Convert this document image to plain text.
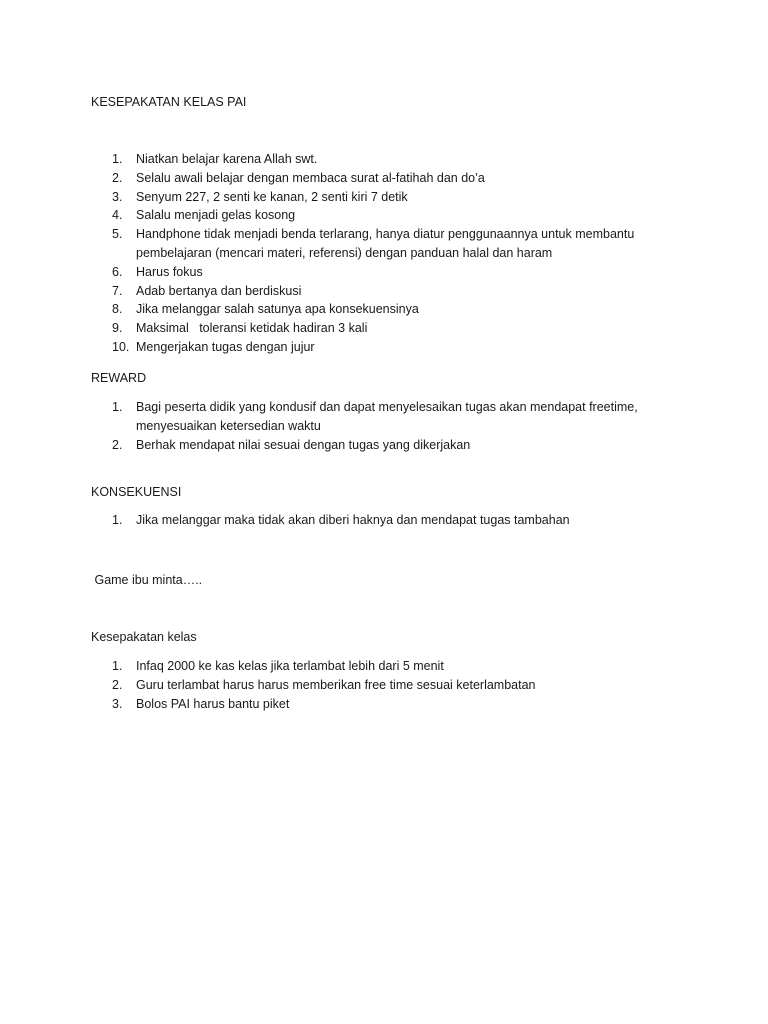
KESEPAKATAN KELAS PAI
1. Niatkan belajar karena Allah swt.
2. Selalu awali belajar dengan membaca surat al-fatihah dan do’a
3. Senyum 227, 2 senti ke kanan, 2 senti kiri 7 detik
4. Salalu menjadi gelas kosong
5. Handphone tidak menjadi benda terlarang, hanya diatur penggunaannya untuk membantu pembelajaran (mencari materi, referensi) dengan panduan halal dan haram
6. Harus fokus
7. Adab bertanya dan berdiskusi
8. Jika melanggar salah satunya apa konsekuensinya
9. Maksimal   toleransi ketidak hadiran 3 kali
10. Mengerjakan tugas dengan jujur
REWARD
1. Bagi peserta didik yang kondusif dan dapat menyelesaikan tugas akan mendapat freetime, menyesuaikan ketersedian waktu
2. Berhak mendapat nilai sesuai dengan tugas yang dikerjakan
KONSEKUENSI
1. Jika melanggar maka tidak akan diberi haknya dan mendapat tugas tambahan

Game ibu minta…..

Kesepakatan kelas
1. Infaq 2000 ke kas kelas jika terlambat lebih dari 5 menit
2. Guru terlambat harus harus memberikan free time sesuai keterlambatan
3. Bolos PAI harus bantu piket
